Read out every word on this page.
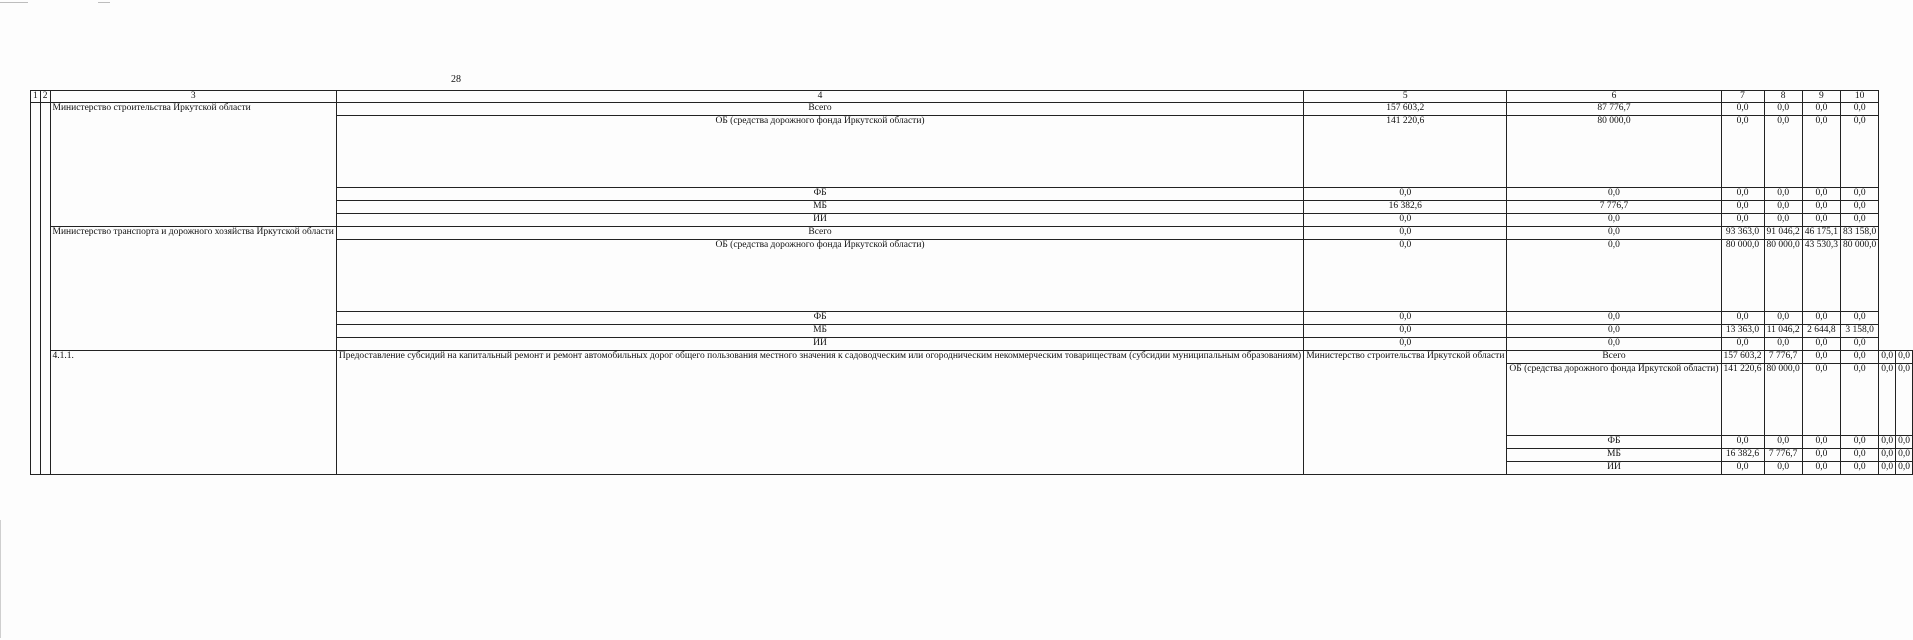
28
1	2	3	4	5	6	7	8	9	10		
		Министерство строительства Иркутской области	Всего	157 603,2	87 776,7	0,0	0,0	0,0	0,0		
			ОБ (средства дорожного фонда Иркутской области)	141 220,6	80 000,0	0,0	0,0	0,0	0,0		
			ФБ	0,0	0,0	0,0	0,0	0,0	0,0		
			МБ	16 382,6	7 776,7	0,0	0,0	0,0	0,0		
			ИИ	0,0	0,0	0,0	0,0	0,0	0,0		
		Министерство транспорта и дорожного хозяйства Иркутской области	Всего	0,0	0,0	93 363,0	91 046,2	46 175,1	83 158,0		
			ОБ (средства дорожного фонда Иркутской области)	0,0	0,0	80 000,0	80 000,0	43 530,3	80 000,0		
			ФБ	0,0	0,0	0,0	0,0	0,0	0,0		
			МБ	0,0	0,0	13 363,0	11 046,2	2 644,8	3 158,0		
			ИИ	0,0	0,0	0,0	0,0	0,0	0,0		
		4.1.1.	Предоставление субсидий на капитальный ремонт и ремонт автомобильных дорог общего пользования местного значения к садоводческим или огородническим некоммерческим товариществам (субсидии муниципальным образованиям)	Министерство строительства Иркутской области	Всего	157 603,2	7 776,7	0,0	0,0	0,0	0,0
					ОБ (средства дорожного фонда Иркутской области)	141 220,6	80 000,0	0,0	0,0	0,0	0,0
					ФБ	0,0	0,0	0,0	0,0	0,0	0,0
					МБ	16 382,6	7 776,7	0,0	0,0	0,0	0,0
					ИИ	0,0	0,0	0,0	0,0	0,0	0,0
